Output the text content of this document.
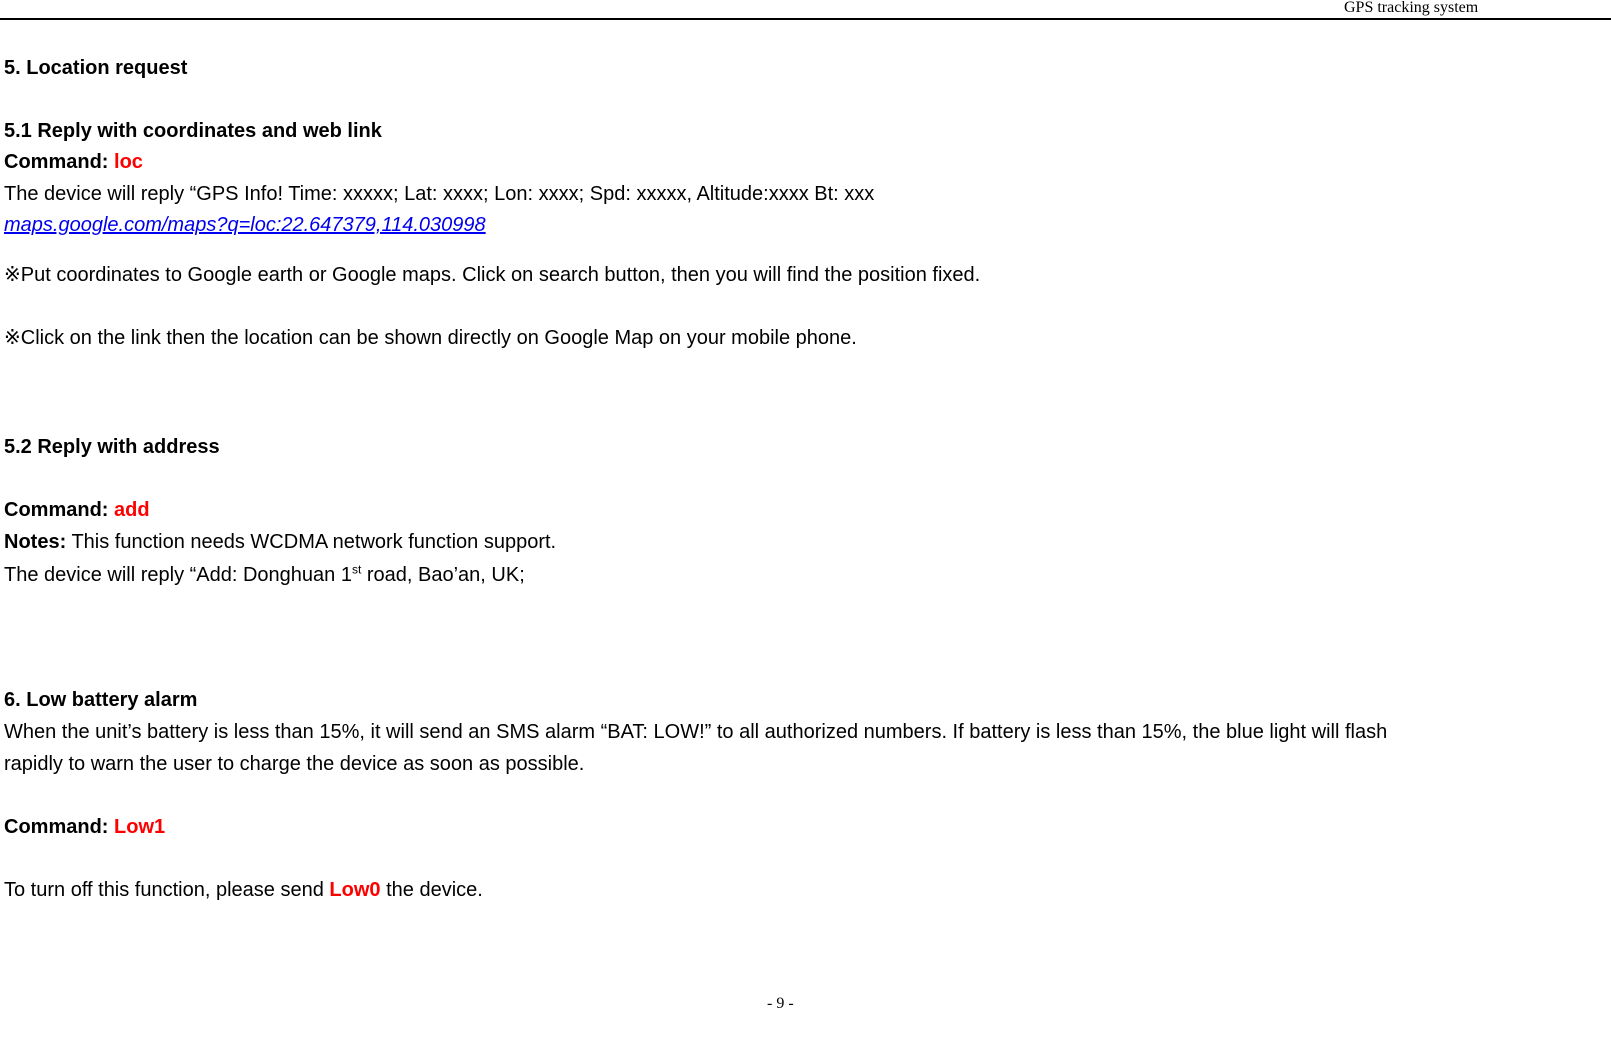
GPS tracking system
5. Location request
5.1 Reply with coordinates and web link
Command: loc
The device will reply “GPS Info! Time: xxxxx; Lat: xxxx; Lon: xxxx; Spd: xxxxx, Altitude:xxxx Bt: xxx
maps.google.com/maps?q=loc:22.647379,114.030998
※Put coordinates to Google earth or Google maps. Click on search button, then you will find the position fixed.
※Click on the link then the location can be shown directly on Google Map on your mobile phone.
5.2 Reply with address
Command: add
Notes: This function needs WCDMA network function support.
The device will reply “Add: Donghuan 1st road, Bao’an, UK;
6. Low battery alarm
When the unit’s battery is less than 15%, it will send an SMS alarm “BAT: LOW!” to all authorized numbers. If battery is less than 15%, the blue light will flash
rapidly to warn the user to charge the device as soon as possible.
Command: Low1
To turn off this function, please send Low0 the device.
- 9 -
